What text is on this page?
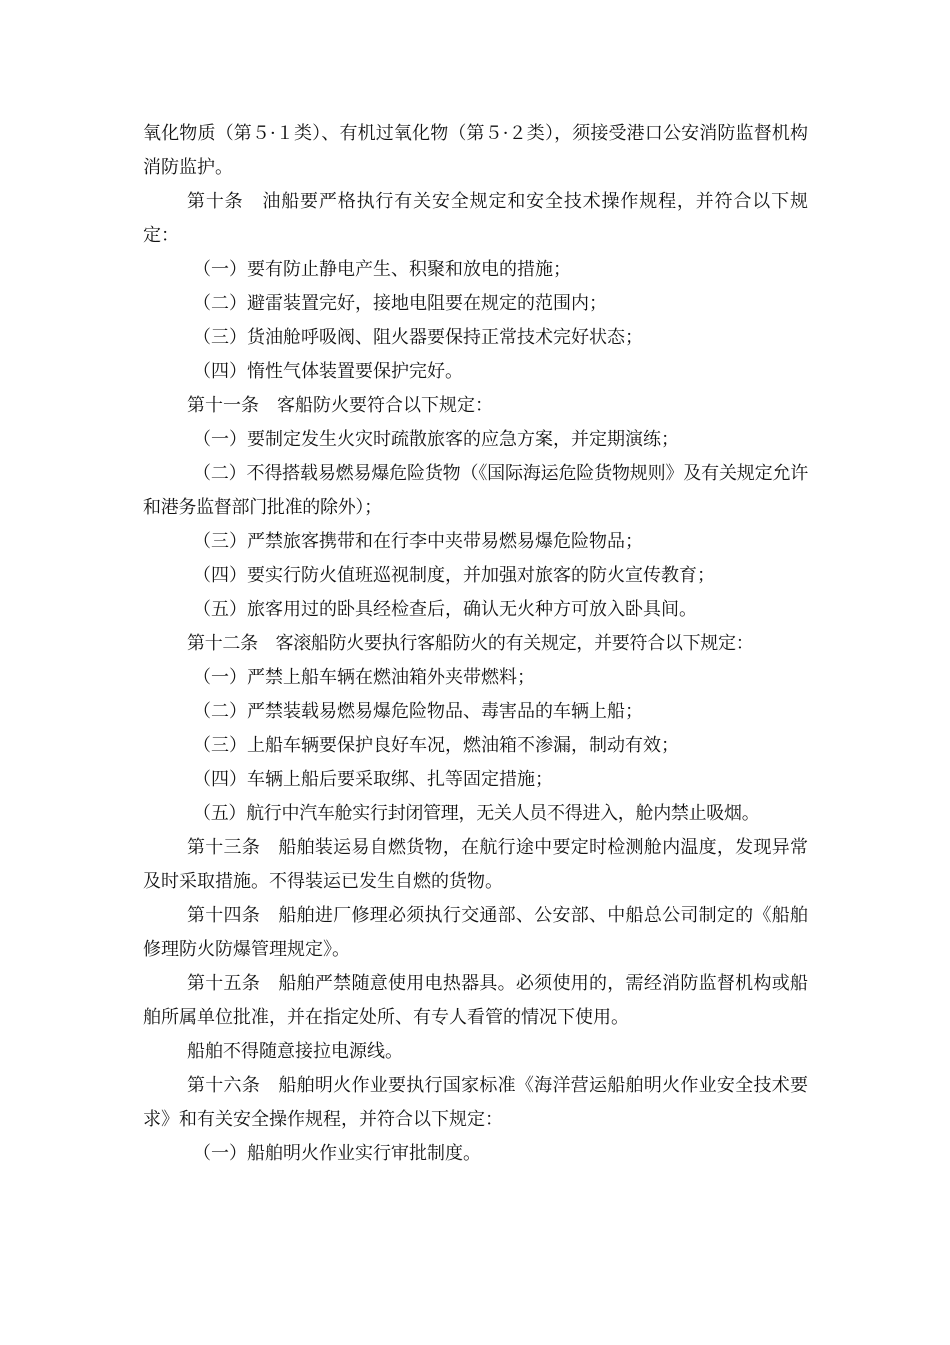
氧化物质（第５·１类）、有机过氧化物（第５·２类），须接受港口公安消防监督机构消防监护。

第十条　油船要严格执行有关安全规定和安全技术操作规程，并符合以下规定：

（一）要有防止静电产生、积聚和放电的措施；

（二）避雷装置完好，接地电阻要在规定的范围内；

（三）货油舱呼吸阀、阻火器要保持正常技术完好状态；

（四）惰性气体装置要保护完好。

第十一条　客船防火要符合以下规定：

（一）要制定发生火灾时疏散旅客的应急方案，并定期演练；

（二）不得搭载易燃易爆危险货物（《国际海运危险货物规则》及有关规定允许和港务监督部门批准的除外）；

（三）严禁旅客携带和在行李中夹带易燃易爆危险物品；

（四）要实行防火值班巡视制度，并加强对旅客的防火宣传教育；

（五）旅客用过的卧具经检查后，确认无火种方可放入卧具间。

第十二条　客滚船防火要执行客船防火的有关规定，并要符合以下规定：

（一）严禁上船车辆在燃油箱外夹带燃料；

（二）严禁装载易燃易爆危险物品、毒害品的车辆上船；

（三）上船车辆要保护良好车况，燃油箱不渗漏，制动有效；

（四）车辆上船后要采取绑、扎等固定措施；

（五）航行中汽车舱实行封闭管理，无关人员不得进入，舱内禁止吸烟。

第十三条　船舶装运易自燃货物，在航行途中要定时检测舱内温度，发现异常及时采取措施。不得装运已发生自燃的货物。

第十四条　船舶进厂修理必须执行交通部、公安部、中船总公司制定的《船舶修理防火防爆管理规定》。

第十五条　船舶严禁随意使用电热器具。必须使用的，需经消防监督机构或船舶所属单位批准，并在指定处所、有专人看管的情况下使用。

船舶不得随意接拉电源线。

第十六条　船舶明火作业要执行国家标准《海洋营运船舶明火作业安全技术要求》和有关安全操作规程，并符合以下规定：

（一）船舶明火作业实行审批制度。
